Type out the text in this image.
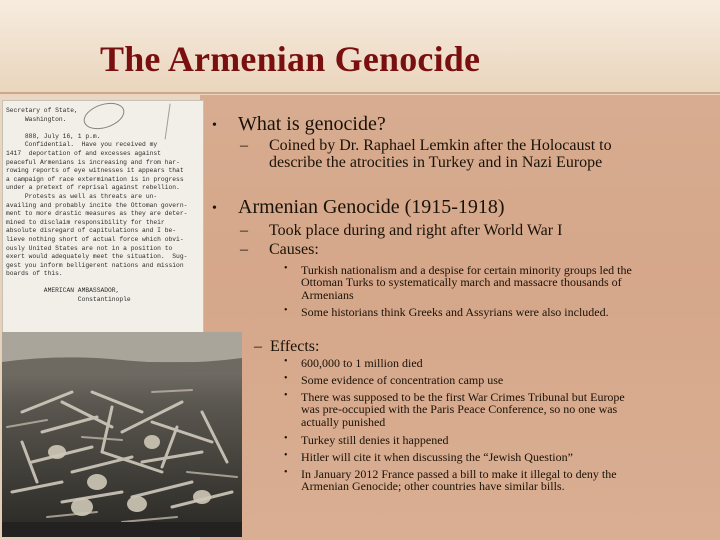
The Armenian Genocide
Secretary of State,
Washington.

888, July 16, 1 p.m.
Confidential.  Have you received my
1417  deportation of and excesses against
peaceful Armenians is increasing and from har-
rowing reports of eye witnesses it appears that
a campaign of race extermination is in progress
under a pretext of reprisal against rebellion.
Protests as well as threats are un-
availing and probably incite the Ottoman govern-
ment to more drastic measures as they are deter-
mined to disclaim responsibility for their
absolute disregard of capitulations and I be-
lieve nothing short of actual force which obvi-
ously United States are not in a position to
exert would adequately meet the situation.  Sug-
gest you inform belligerent nations and mission
boards of this.

AMERICAN AMBASSADOR,
Constantinople
• What is genocide?
– Coined by Dr. Raphael Lemkin after the Holocaust to describe the atrocities in Turkey and in Nazi Europe
• Armenian Genocide (1915-1918)
– Took place during and right after World War I
– Causes:
• Turkish nationalism and a despise for certain minority groups led the Ottoman Turks to systematically march and massacre thousands of Armenians
• Some historians think Greeks and Assyrians were also included.
– Effects:
• 600,000 to 1 million died
• Some evidence of concentration camp use
• There was supposed to be the first War Crimes Tribunal but Europe was pre-occupied with the Paris Peace Conference, so no one was actually punished
• Turkey still denies it happened
• Hitler will cite it when discussing the “Jewish Question”
• In January 2012 France passed a bill to make it illegal to deny the Armenian Genocide; other countries have similar bills.
